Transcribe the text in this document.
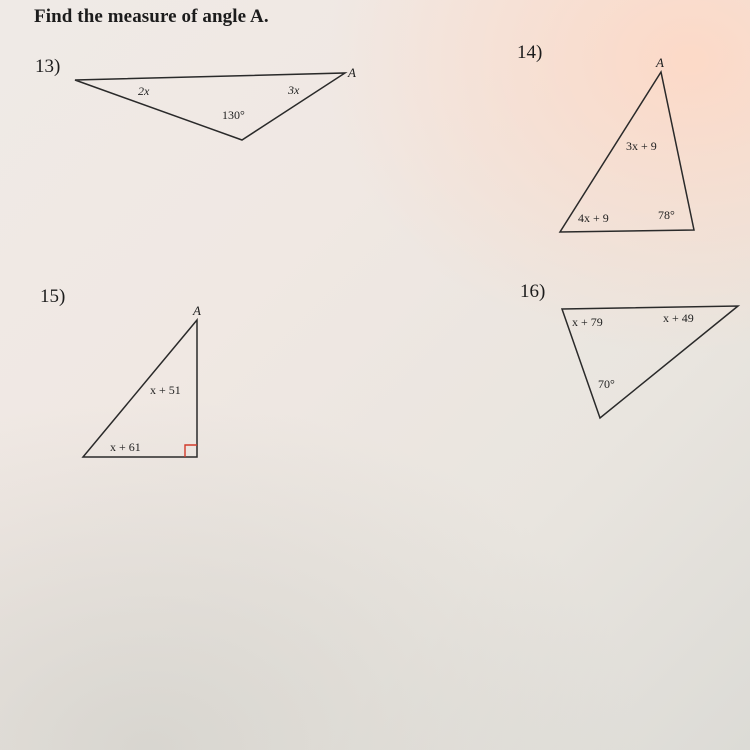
Find the measure of angle A.
13)
14)
15)	16)
A
2x	3x
130°
A
3x + 9
4x + 9	78°
A
x + 51
x + 61
x + 79	x + 49
70°
